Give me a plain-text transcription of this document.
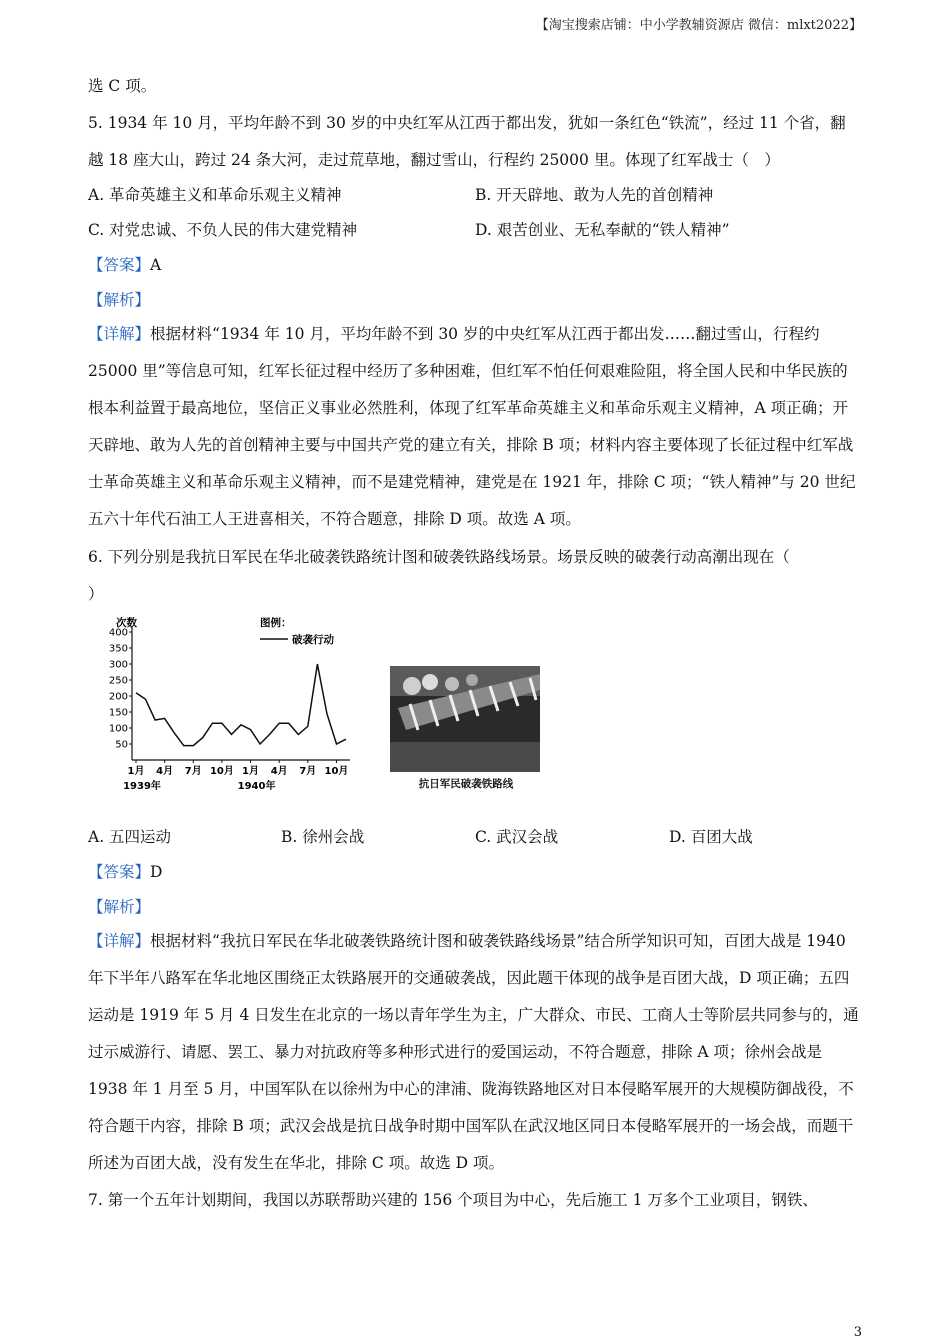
【淘宝搜索店铺：中小学教辅资源店 微信：mlxt2022】
选 C 项。
5. 1934 年 10 月，平均年龄不到 30 岁的中央红军从江西于都出发，犹如一条红色“铁流”，经过 11 个省，翻
越 18 座大山，跨过 24 条大河，走过荒草地，翻过雪山，行程约 25000 里。体现了红军战士（　）
A. 革命英雄主义和革命乐观主义精神	B. 开天辟地、敢为人先的首创精神
C. 对党忠诚、不负人民的伟大建党精神	D. 艰苦创业、无私奉献的“铁人精神”
【答案】A
【解析】
【详解】根据材料“1934 年 10 月，平均年龄不到 30 岁的中央红军从江西于都出发……翻过雪山，行程约 25000 里”等信息可知，红军长征过程中经历了多种困难，但红军不怕任何艰难险阻，将全国人民和中华民族的根本利益置于最高地位，坚信正义事业必然胜利，体现了红军革命英雄主义和革命乐观主义精神，A 项正确；开天辟地、敢为人先的首创精神主要与中国共产党的建立有关，排除 B 项；材料内容主要体现了长征过程中红军战士革命英雄主义和革命乐观主义精神，而不是建党精神，建党是在 1921 年，排除 C 项；“铁人精神”与 20 世纪五六十年代石油工人王进喜相关，不符合题意，排除 D 项。故选 A 项。
6. 下列分别是我抗日军民在华北破袭铁路统计图和破袭铁路线场景。场景反映的破袭行动高潮出现在（
）
次数
50
100
150
200
250
300
350
400
1月 4月 7月 10月 1月 4月 7月 10月
1939年	1940年
图例：
破袭行动
抗日军民破袭铁路线
A. 五四运动	B. 徐州会战	C. 武汉会战	D. 百团大战
【答案】D
【解析】
【详解】根据材料“我抗日军民在华北破袭铁路统计图和破袭铁路线场景”结合所学知识可知，百团大战是 1940 年下半年八路军在华北地区围绕正太铁路展开的交通破袭战，因此题干体现的战争是百团大战，D 项正确；五四运动是 1919 年 5 月 4 日发生在北京的一场以青年学生为主，广大群众、市民、工商人士等阶层共同参与的，通过示威游行、请愿、罢工、暴力对抗政府等多种形式进行的爱国运动，不符合题意，排除 A 项；徐州会战是 1938 年 1 月至 5 月，中国军队在以徐州为中心的津浦、陇海铁路地区对日本侵略军展开的大规模防御战役，不符合题干内容，排除 B 项；武汉会战是抗日战争时期中国军队在武汉地区同日本侵略军展开的一场会战，而题干所述为百团大战，没有发生在华北，排除 C 项。故选 D 项。
7. 第一个五年计划期间，我国以苏联帮助兴建的 156 个项目为中心，先后施工 1 万多个工业项目，钢铁、
3
